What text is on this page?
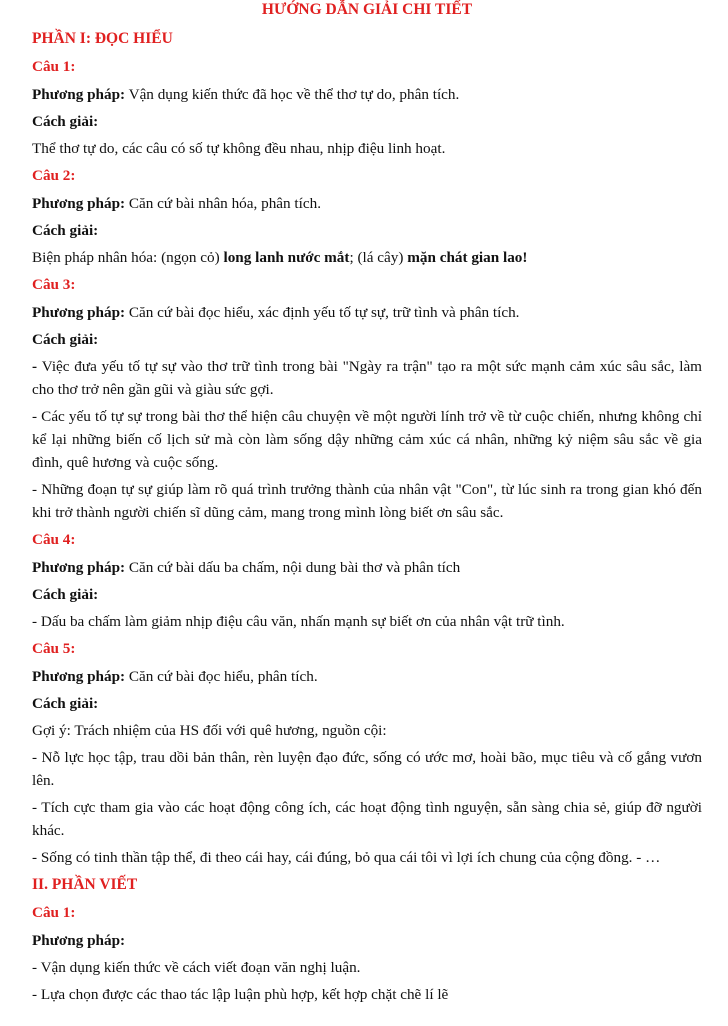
HƯỚNG DẪN GIẢI CHI TIẾT
PHẦN I: ĐỌC HIỂU
Câu 1:
Phương pháp: Vận dụng kiến thức đã học về thể thơ tự do, phân tích.
Cách giải:
Thể thơ tự do, các câu có số tự không đều nhau, nhịp điệu linh hoạt.
Câu 2:
Phương pháp: Căn cứ bài nhân hóa, phân tích.
Cách giải:
Biện pháp nhân hóa: (ngọn cỏ) long lanh nước mắt; (lá cây) mặn chát gian lao!
Câu 3:
Phương pháp: Căn cứ bài đọc hiểu, xác định yếu tố tự sự, trữ tình và phân tích.
Cách giải:
- Việc đưa yếu tố tự sự vào thơ trữ tình trong bài "Ngày ra trận" tạo ra một sức mạnh cảm xúc sâu sắc, làm cho thơ trở nên gần gũi và giàu sức gợi.
- Các yếu tố tự sự trong bài thơ thể hiện câu chuyện về một người lính trở về từ cuộc chiến, nhưng không chỉ kể lại những biến cố lịch sử mà còn làm sống dậy những cảm xúc cá nhân, những kỷ niệm sâu sắc về gia đình, quê hương và cuộc sống.
- Những đoạn tự sự giúp làm rõ quá trình trưởng thành của nhân vật "Con", từ lúc sinh ra trong gian khó đến khi trở thành người chiến sĩ dũng cảm, mang trong mình lòng biết ơn sâu sắc.
Câu 4:
Phương pháp: Căn cứ bài dấu ba chấm, nội dung bài thơ và phân tích
Cách giải:
- Dấu ba chấm làm giảm nhịp điệu câu văn, nhấn mạnh sự biết ơn của nhân vật trữ tình.
Câu 5:
Phương pháp: Căn cứ bài đọc hiểu, phân tích.
Cách giải:
Gợi ý: Trách nhiệm của HS đối với quê hương, nguồn cội:
- Nỗ lực học tập, trau dồi bản thân, rèn luyện đạo đức, sống có ước mơ, hoài bão, mục tiêu và cố gắng vươn lên.
- Tích cực tham gia vào các hoạt động công ích, các hoạt động tình nguyện, sẵn sàng chia sẻ, giúp đỡ người khác.
- Sống có tinh thần tập thể, đi theo cái hay, cái đúng, bỏ qua cái tôi vì lợi ích chung của cộng đồng. - …
II. PHẦN VIẾT
Câu 1:
Phương pháp:
- Vận dụng kiến thức về cách viết đoạn văn nghị luận.
- Lựa chọn được các thao tác lập luận phù hợp, kết hợp chặt chẽ lí lẽ
